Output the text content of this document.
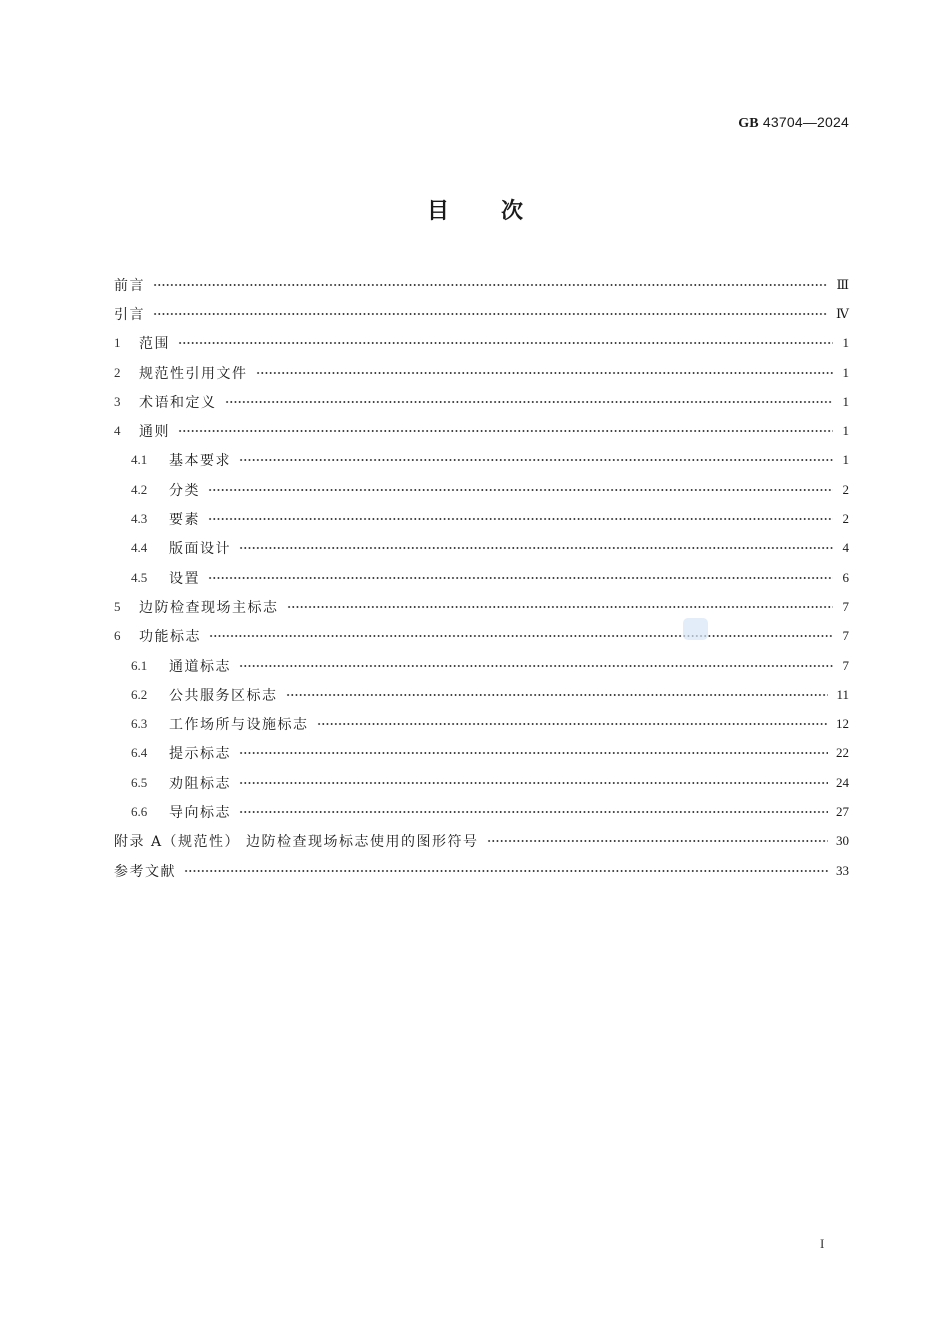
GB 43704—2024
目次
前言	Ⅲ
引言	Ⅳ
1	范围	1
2	规范性引用文件	1
3	术语和定义	1
4	通则	1
4.1	基本要求	1
4.2	分类	2
4.3	要素	2
4.4	版面设计	4
4.5	设置	6
5	边防检查现场主标志	7
6	功能标志	7
6.1	通道标志	7
6.2	公共服务区标志	11
6.3	工作场所与设施标志	12
6.4	提示标志	22
6.5	劝阻标志	24
6.6	导向标志	27
附录 A（规范性） 边防检查现场标志使用的图形符号	30
参考文献	33
I
